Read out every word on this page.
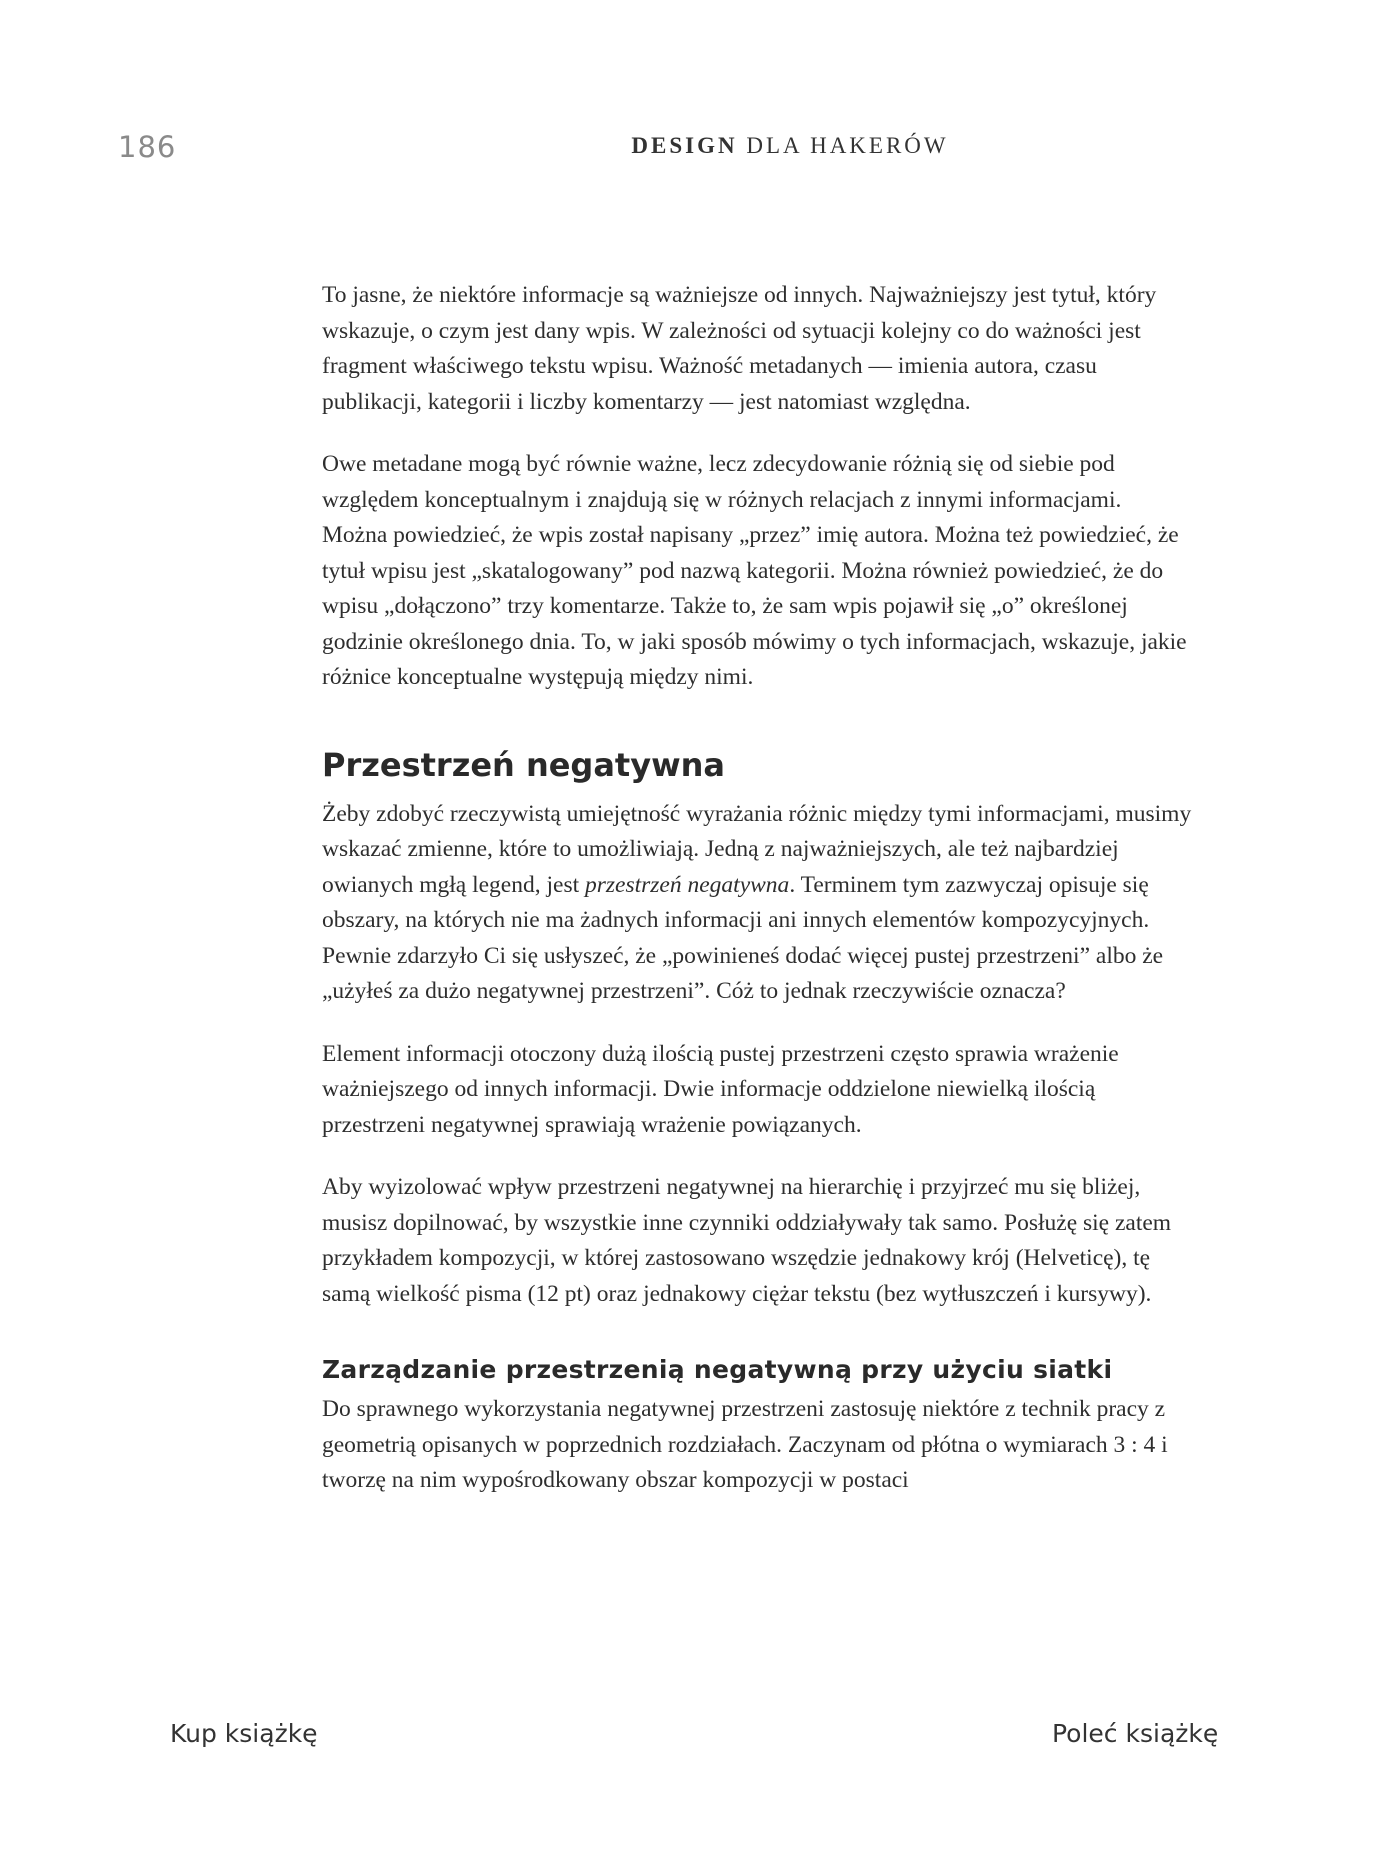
186	DESIGN DLA HAKERÓW

To jasne, że niektóre informacje są ważniejsze od innych. Najważniejszy jest tytuł, który wskazuje, o czym jest dany wpis. W zależności od sytuacji kolejny co do ważności jest fragment właściwego tekstu wpisu. Ważność metadanych — imienia autora, czasu publikacji, kategorii i liczby komentarzy — jest natomiast względna.

Owe metadane mogą być równie ważne, lecz zdecydowanie różnią się od siebie pod względem konceptualnym i znajdują się w różnych relacjach z innymi informacjami. Można powiedzieć, że wpis został napisany „przez” imię autora. Można też powiedzieć, że tytuł wpisu jest „skatalogowany” pod nazwą kategorii. Można również powiedzieć, że do wpisu „dołączono” trzy komentarze. Także to, że sam wpis pojawił się „o” określonej godzinie określonego dnia. To, w jaki sposób mówimy o tych informacjach, wskazuje, jakie różnice konceptualne występują między nimi.

Przestrzeń negatywna

Żeby zdobyć rzeczywistą umiejętność wyrażania różnic między tymi informacjami, musimy wskazać zmienne, które to umożliwiają. Jedną z najważniejszych, ale też najbardziej owianych mgłą legend, jest przestrzeń negatywna. Terminem tym zazwyczaj opisuje się obszary, na których nie ma żadnych informacji ani innych elementów kompozycyjnych. Pewnie zdarzyło Ci się usłyszeć, że „powinieneś dodać więcej pustej przestrzeni” albo że „użyłeś za dużo negatywnej przestrzeni”. Cóż to jednak rzeczywiście oznacza?

Element informacji otoczony dużą ilością pustej przestrzeni często sprawia wrażenie ważniejszego od innych informacji. Dwie informacje oddzielone niewielką ilością przestrzeni negatywnej sprawiają wrażenie powiązanych.

Aby wyizolować wpływ przestrzeni negatywnej na hierarchię i przyjrzeć mu się bliżej, musisz dopilnować, by wszystkie inne czynniki oddziaływały tak samo. Posłużę się zatem przykładem kompozycji, w której zastosowano wszędzie jednakowy krój (Helveticę), tę samą wielkość pisma (12 pt) oraz jednakowy ciężar tekstu (bez wytłuszczeń i kursywy).

Zarządzanie przestrzenią negatywną przy użyciu siatki

Do sprawnego wykorzystania negatywnej przestrzeni zastosuję niektóre z technik pracy z geometrią opisanych w poprzednich rozdziałach. Zaczynam od płótna o wymiarach 3 : 4 i tworzę na nim wypośrodkowany obszar kompozycji w postaci

Kup książkę	Poleć książkę
